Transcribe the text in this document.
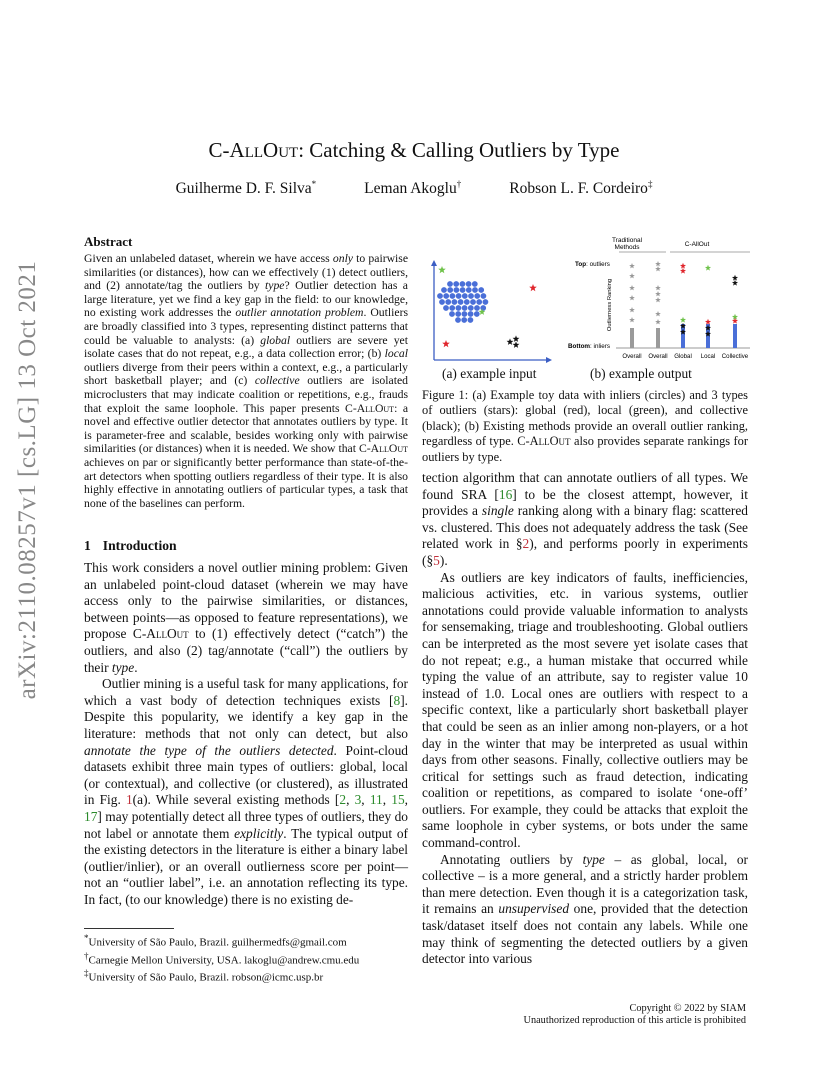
arXiv:2110.08257v1 [cs.LG] 13 Oct 2021
C-AllOut: Catching & Calling Outliers by Type
Guilherme D. F. Silva*	Leman Akoglu†	Robson L. F. Cordeiro‡
Abstract
Given an unlabeled dataset, wherein we have access only to pairwise similarities (or distances), how can we effectively (1) detect outliers, and (2) annotate/tag the outliers by type? Outlier detection has a large literature, yet we find a key gap in the field: to our knowledge, no existing work addresses the outlier annotation problem. Outliers are broadly classified into 3 types, representing distinct patterns that could be valuable to analysts: (a) global outliers are severe yet isolate cases that do not repeat, e.g., a data collection error; (b) local outliers diverge from their peers within a context, e.g., a particularly short basketball player; and (c) collective outliers are isolated microclusters that may indicate coalition or repetitions, e.g., frauds that exploit the same loophole. This paper presents C-AllOut: a novel and effective outlier detector that annotates outliers by type. It is parameter-free and scalable, besides working only with pairwise similarities (or distances) when it is needed. We show that C-AllOut achieves on par or significantly better performance than state-of-the-art detectors when spotting outliers regardless of their type. It is also highly effective in annotating outliers of particular types, a task that none of the baselines can perform.
1 Introduction

This work considers a novel outlier mining problem: Given an unlabeled point-cloud dataset (wherein we may have access only to the pairwise similarities, or distances, between points—as opposed to feature representations), we propose C-AllOut to (1) effectively detect (“catch”) the outliers, and also (2) tag/annotate (“call”) the outliers by their type.

Outlier mining is a useful task for many applications, for which a vast body of detection techniques exists [8]. Despite this popularity, we identify a key gap in the literature: methods that not only can detect, but also annotate the type of the outliers detected. Point-cloud datasets exhibit three main types of outliers: global, local (or contextual), and collective (or clustered), as illustrated in Fig. 1(a). While several existing methods [2, 3, 11, 15, 17] may potentially detect all three types of outliers, they do not label or annotate them explicitly. The typical output of the existing detectors in the literature is either a binary label (outlier/inlier), or an overall outlierness score per point—not an “outlier label”, i.e. an annotation reflecting its type. In fact, (to our knowledge) there is no existing de-

*University of São Paulo, Brazil. guilhermedfs@gmail.com
†Carnegie Mellon University, USA. lakoglu@andrew.cmu.edu
‡University of São Paulo, Brazil. robson@icmc.usp.br
Traditional
Methods	C-AllOut
Top: outliers
Bottom: inliers
Outlierness Ranking
Overall Overall Global Local Collective
(a) example input	(b) example output
Figure 1: (a) Example toy data with inliers (circles) and 3 types of outliers (stars): global (red), local (green), and collective (black); (b) Existing methods provide an overall outlier ranking, regardless of type. C-AllOut also provides separate rankings for outliers by type.

tection algorithm that can annotate outliers of all types. We found SRA [16] to be the closest attempt, however, it provides a single ranking along with a binary flag: scattered vs. clustered. This does not adequately address the task (See related work in §2), and performs poorly in experiments (§5).

As outliers are key indicators of faults, inefficiencies, malicious activities, etc. in various systems, outlier annotations could provide valuable information to analysts for sensemaking, triage and troubleshooting. Global outliers can be interpreted as the most severe yet isolate cases that do not repeat; e.g., a human mistake that occurred while typing the value of an attribute, say to register value 10 instead of 1.0. Local ones are outliers with respect to a specific context, like a particularly short basketball player that could be seen as an inlier among non-players, or a hot day in the winter that may be interpreted as usual within days from other seasons. Finally, collective outliers may be critical for settings such as fraud detection, indicating coalition or repetitions, as compared to isolate ‘one-off’ outliers. For example, they could be attacks that exploit the same loophole in cyber systems, or bots under the same command-control.

Annotating outliers by type – as global, local, or collective – is a more general, and a strictly harder problem than mere detection. Even though it is a categorization task, it remains an unsupervised one, provided that the detection task/dataset itself does not contain any labels. While one may think of segmenting the detected outliers by a given detector into various

Copyright © 2022 by SIAM
Unauthorized reproduction of this article is prohibited
